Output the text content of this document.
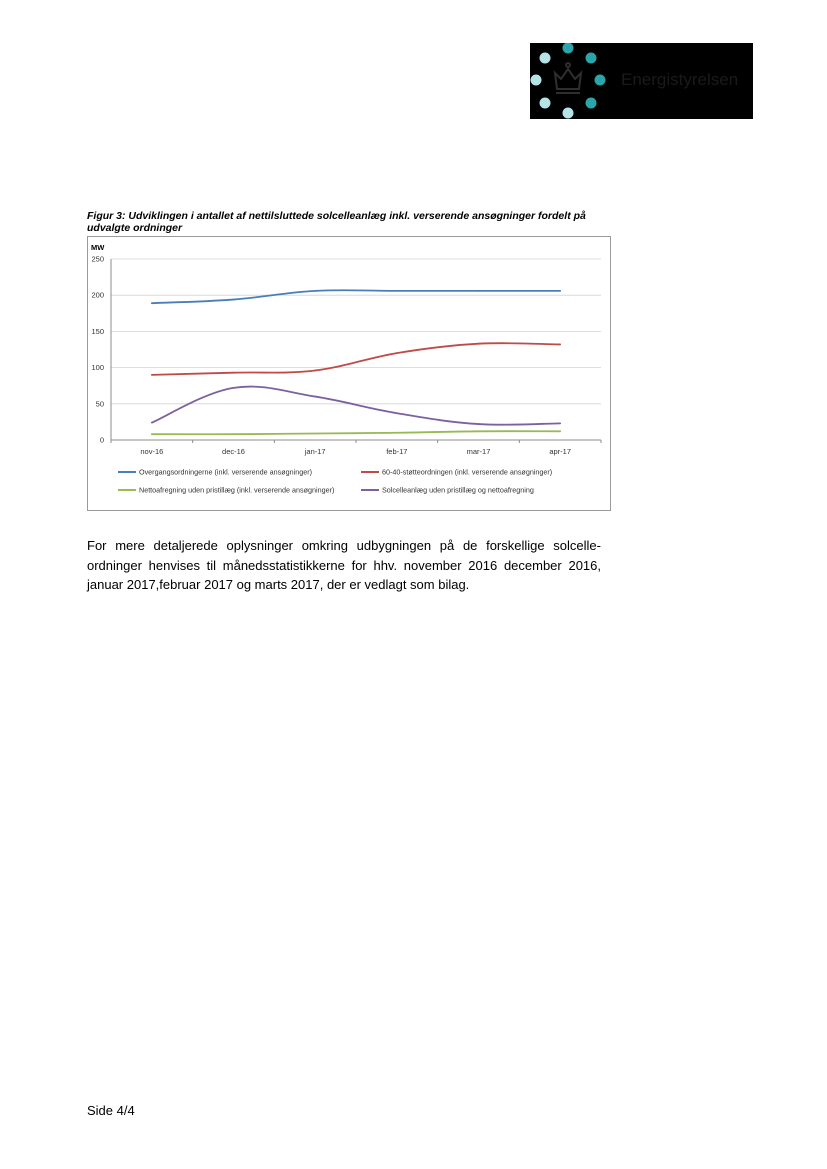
Energistyrelsen
Figur 3: Udviklingen i antallet af nettilsluttede solcelleanlæg inkl. verserende ansøgninger fordelt på udvalgte ordninger
MW
0
50
100
150
200
250
nov-16	dec-16	jan-17	feb-17	mar-17	apr-17
Overgangsordningerne (inkl. verserende ansøgninger)	60-40-støtteordningen (inkl. verserende ansøgninger)
Nettoafregning uden pristillæg (inkl. verserende ansøgninger)	Solcelleanlæg uden pristillæg og nettoafregning
For mere detaljerede oplysninger omkring udbygningen på de forskellige solcelle-ordninger henvises til månedsstatistikkerne for hhv. november 2016 december 2016, januar 2017,februar 2017 og marts 2017, der er vedlagt som bilag.
Side 4/4
